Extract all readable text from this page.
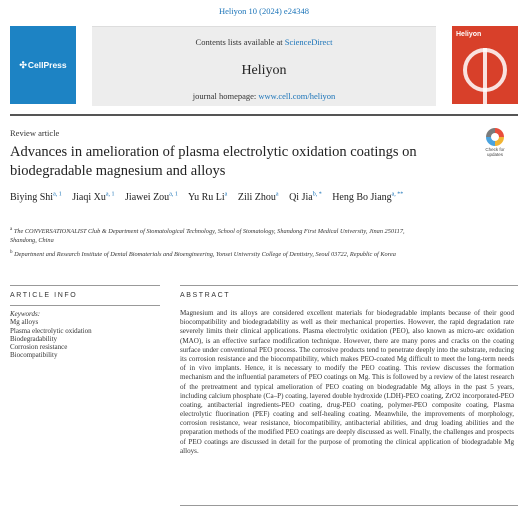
Heliyon 10 (2024) e24348
✣CellPress
Contents lists available at ScienceDirect
Heliyon
journal homepage: www.cell.com/heliyon
Heliyon
Review article
Check for updates
Advances in amelioration of plasma electrolytic oxidation coatings on biodegradable magnesium and alloys
Biying Shi$^{a, 1}$ Jiaqi Xu$^{a, 1}$ Jiawei Zou$^{a, 1}$ Yu Ru Li$^a$ Zili Zhou$^a$ Qi Jia$^{b, *}$ Heng Bo Jiang$^{a, **}$
$^a$ The CONVERSATIONALIST Club & Department of Stomatological Technology, School of Stomatology, Shandong First Medical University, Jinan 250117, Shandong, China
$^b$ Department and Research Institute of Dental Biomaterials and Bioengineering, Yonsei University College of Dentistry, Seoul 03722, Republic of Korea
ARTICLE INFO	ABSTRACT
Keywords:
Mg alloys
Plasma electrolytic oxidation
Biodegradability
Corrosion resistance
Biocompatibility

Magnesium and its alloys are considered excellent materials for biodegradable implants because of their good biocompatibility and biodegradability as well as their mechanical properties. However, the rapid degradation rate severely limits their clinical applications. Plasma electrolytic oxidation (PEO), also known as micro-arc oxidation (MAO), is an effective surface modification technique. However, there are many pores and cracks on the coating surface under conventional PEO process. The corrosive products tend to penetrate deeply into the substrate, reducing its corrosion resistance and the biocompatibility, which makes PEO-coated Mg difficult to meet the long-term needs of in vivo implants. Hence, it is necessary to modify the PEO coating. This review discusses the formation mechanism and the influential parameters of PEO coatings on Mg. This is followed by a review of the latest research of the pretreatment and typical amelioration of PEO coating on biodegradable Mg alloys in the past 5 years, including calcium phosphate (Ca–P) coating, layered double hydroxide (LDH)-PEO coating, ZrO2 incorporated-PEO coating, antibacterial ingredients-PEO coating, drug-PEO coating, polymer-PEO composite coating, Plasma electrolytic fluorination (PEF) coating and self-healing coating. Meanwhile, the improvements of morphology, corrosion resistance, wear resistance, biocompatibility, antibacterial abilities, and drug loading abilities and the preparation methods of the modified PEO coatings are deeply discussed as well. Finally, the challenges and prospects of PEO coatings are discussed in detail for the purpose of promoting the clinical application of biodegradable Mg alloys.
